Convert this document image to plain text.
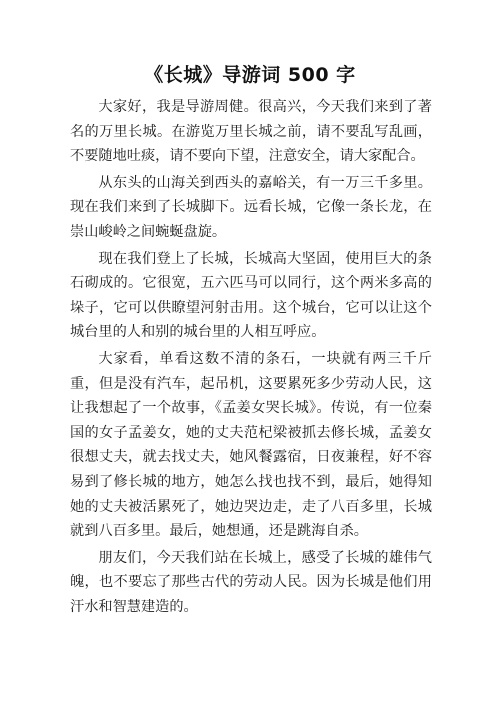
《长城》导游词 500 字

大家好，我是导游周健。很高兴，今天我们来到了著名的万里长城。在游览万里长城之前，请不要乱写乱画，不要随地吐痰，请不要向下望，注意安全，请大家配合。

从东头的山海关到西头的嘉峪关，有一万三千多里。现在我们来到了长城脚下。远看长城，它像一条长龙，在崇山峻岭之间蜿蜒盘旋。

现在我们登上了长城，长城高大坚固，使用巨大的条石砌成的。它很宽，五六匹马可以同行，这个两米多高的垛子，它可以供瞭望河射击用。这个城台，它可以让这个城台里的人和别的城台里的人相互呼应。

大家看，单看这数不清的条石，一块就有两三千斤重，但是没有汽车，起吊机，这要累死多少劳动人民，这让我想起了一个故事，《孟姜女哭长城》。传说，有一位秦国的女子孟姜女，她的丈夫范杞梁被抓去修长城，孟姜女很想丈夫，就去找丈夫，她风餐露宿，日夜兼程，好不容易到了修长城的地方，她怎么找也找不到，最后，她得知她的丈夫被活累死了，她边哭边走，走了八百多里，长城就到八百多里。最后，她想通，还是跳海自杀。

朋友们，今天我们站在长城上，感受了长城的雄伟气魄，也不要忘了那些古代的劳动人民。因为长城是他们用汗水和智慧建造的。
